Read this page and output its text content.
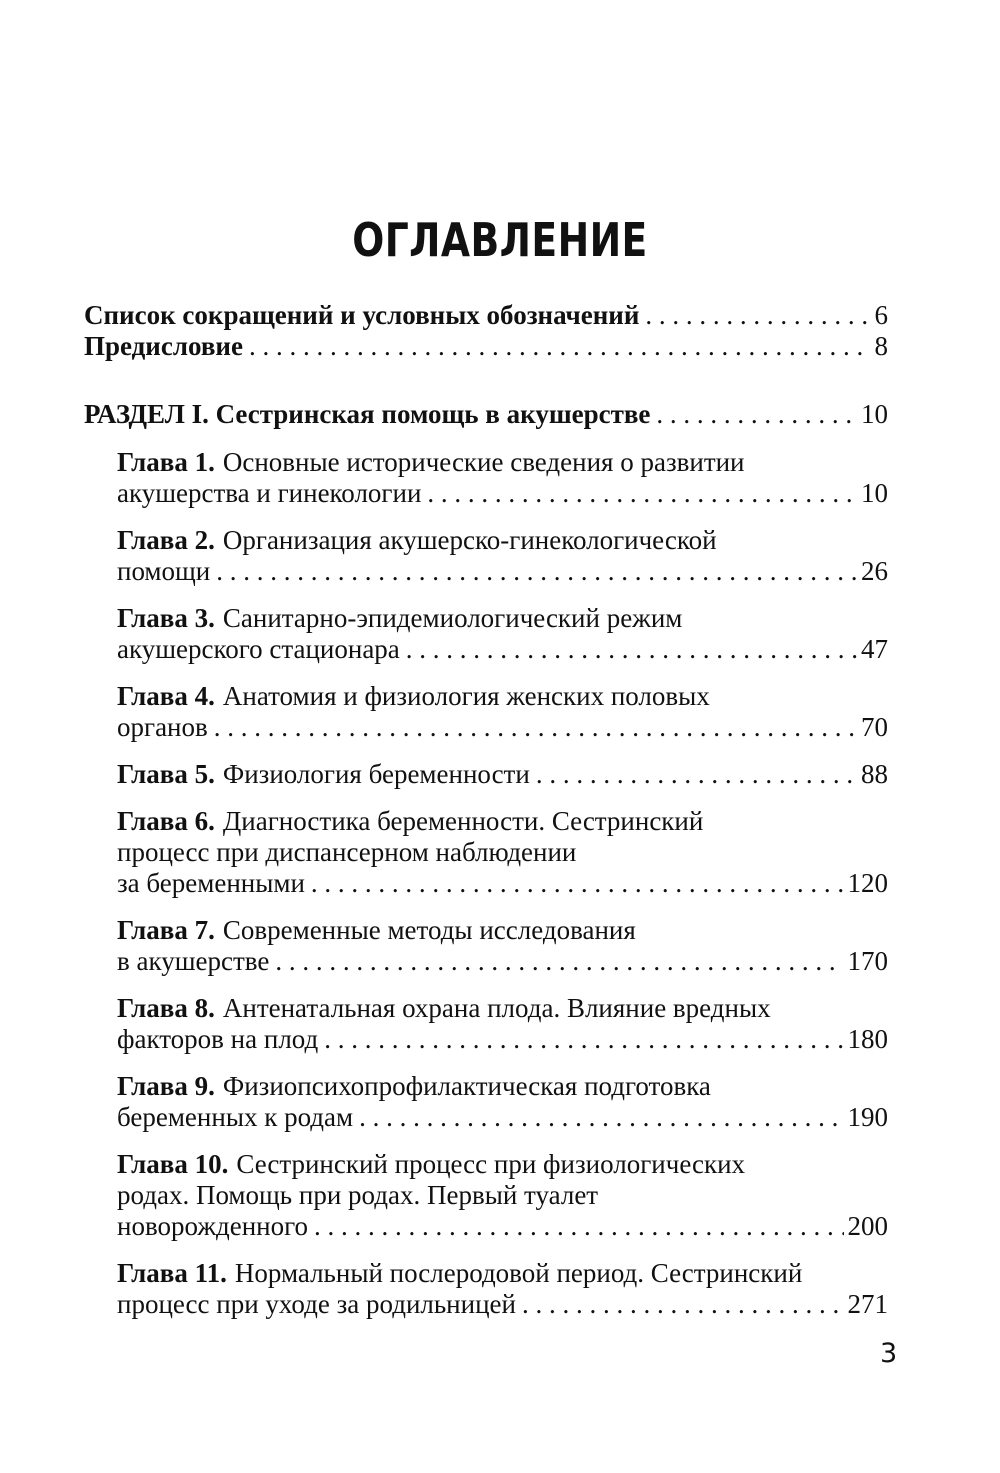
ОГЛАВЛЕНИЕ
Список сокращений и условных обозначений . . .	6
Предисловие . . .	8
РАЗДЕЛ I. Сестринская помощь в акушерстве . . .	10
Глава 1. Основные исторические сведения о развитии
акушерства и гинекологии . . .	10
Глава 2. Организация акушерско-гинекологической
помощи . . .	26
Глава 3. Санитарно-эпидемиологический режим
акушерского стационара . . .	47
Глава 4. Анатомия и физиология женских половых
органов . . .	70
Глава 5. Физиология беременности . . .	88
Глава 6. Диагностика беременности. Сестринский
процесс при диспансерном наблюдении
за беременными . . .	120
Глава 7. Современные методы исследования
в акушерстве . . .	170
Глава 8. Антенатальная охрана плода. Влияние вредных
факторов на плод . . .	180
Глава 9. Физиопсихопрофилактическая подготовка
беременных к родам . . .	190
Глава 10. Сестринский процесс при физиологических
родах. Помощь при родах. Первый туалет
новорожденного . . .	200
Глава 11. Нормальный послеродовой период. Сестринский
процесс при уходе за родильницей . . .	271
3
